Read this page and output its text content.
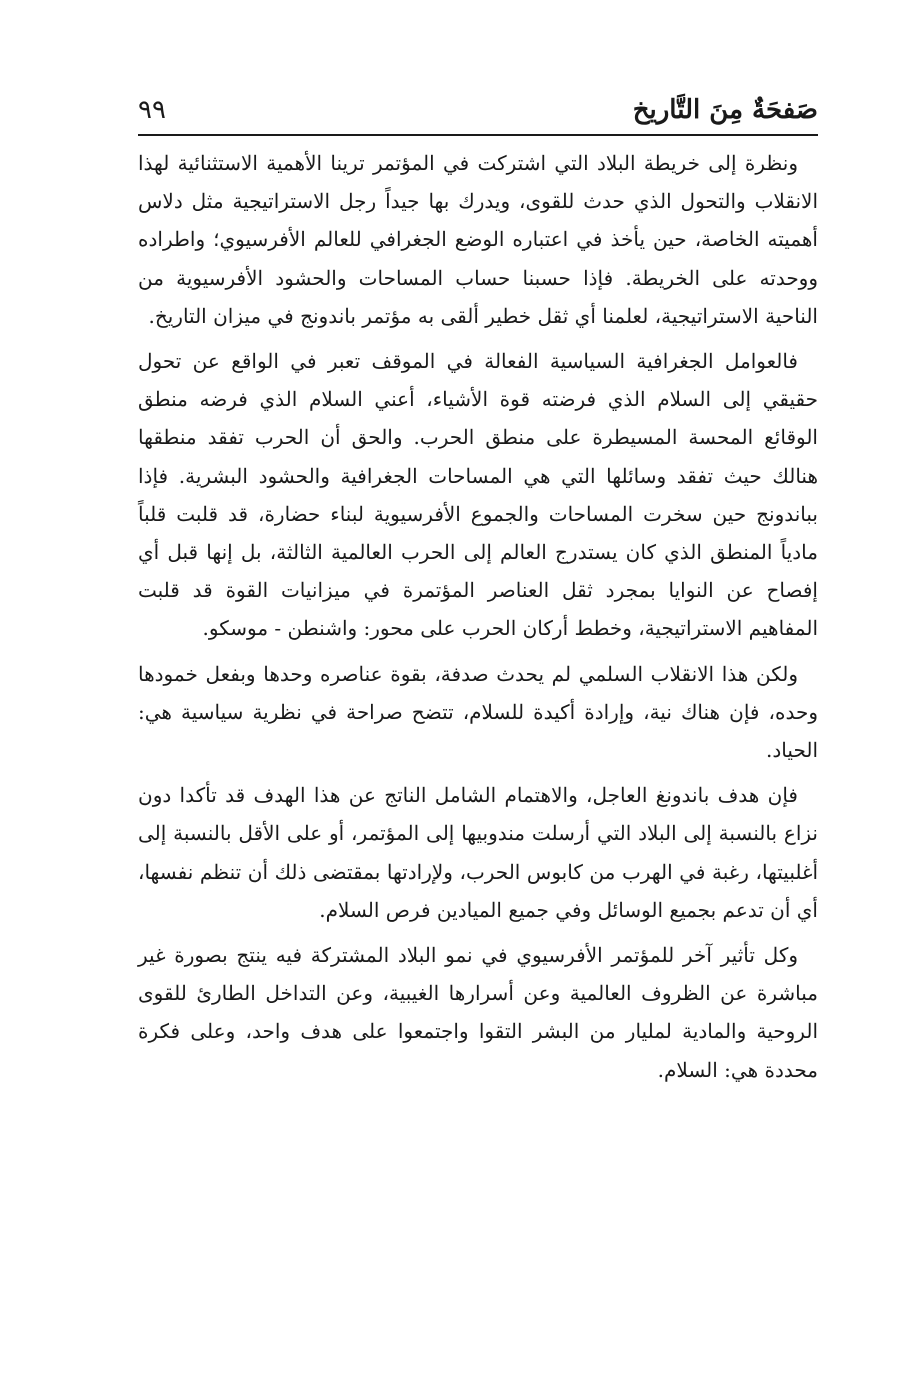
صَفحَةٌ مِنَ التَّاريخ
٩٩

ونظرة إلى خريطة البلاد التي اشتركت في المؤتمر ترينا الأهمية الاستثنائية لهذا الانقلاب والتحول الذي حدث للقوى، ويدرك بها جيداً رجل الاستراتيجية مثل دلاس أهميته الخاصة، حين يأخذ في اعتباره الوضع الجغرافي للعالم الأفرسيوي؛ واطراده ووحدته على الخريطة. فإذا حسبنا حساب المساحات والحشود الأفرسيوية من الناحية الاستراتيجية، لعلمنا أي ثقل خطير ألقى به مؤتمر باندونج في ميزان التاريخ.

فالعوامل الجغرافية السياسية الفعالة في الموقف تعبر في الواقع عن تحول حقيقي إلى السلام الذي فرضته قوة الأشياء، أعني السلام الذي فرضه منطق الوقائع المحسة المسيطرة على منطق الحرب. والحق أن الحرب تفقد منطقها هنالك حيث تفقد وسائلها التي هي المساحات الجغرافية والحشود البشرية. فإذا بباندونج حين سخرت المساحات والجموع الأفرسيوية لبناء حضارة، قد قلبت قلباً مادياً المنطق الذي كان يستدرج العالم إلى الحرب العالمية الثالثة، بل إنها قبل أي إفصاح عن النوايا بمجرد ثقل العناصر المؤتمرة في ميزانيات القوة قد قلبت المفاهيم الاستراتيجية، وخطط أركان الحرب على محور: واشنطن - موسكو.

ولكن هذا الانقلاب السلمي لم يحدث صدفة، بقوة عناصره وحدها وبفعل خمودها وحده، فإن هناك نية، وإرادة أكيدة للسلام، تتضح صراحة في نظرية سياسية هي: الحياد.

فإن هدف باندونغ العاجل، والاهتمام الشامل الناتج عن هذا الهدف قد تأكدا دون نزاع بالنسبة إلى البلاد التي أرسلت مندوبيها إلى المؤتمر، أو على الأقل بالنسبة إلى أغلبيتها، رغبة في الهرب من كابوس الحرب، ولإرادتها بمقتضى ذلك أن تنظم نفسها، أي أن تدعم بجميع الوسائل وفي جميع الميادين فرص السلام.

وكل تأثير آخر للمؤتمر الأفرسيوي في نمو البلاد المشتركة فيه ينتج بصورة غير مباشرة عن الظروف العالمية وعن أسرارها الغيبية، وعن التداخل الطارئ للقوى الروحية والمادية لمليار من البشر التقوا واجتمعوا على هدف واحد، وعلى فكرة محددة هي: السلام.
